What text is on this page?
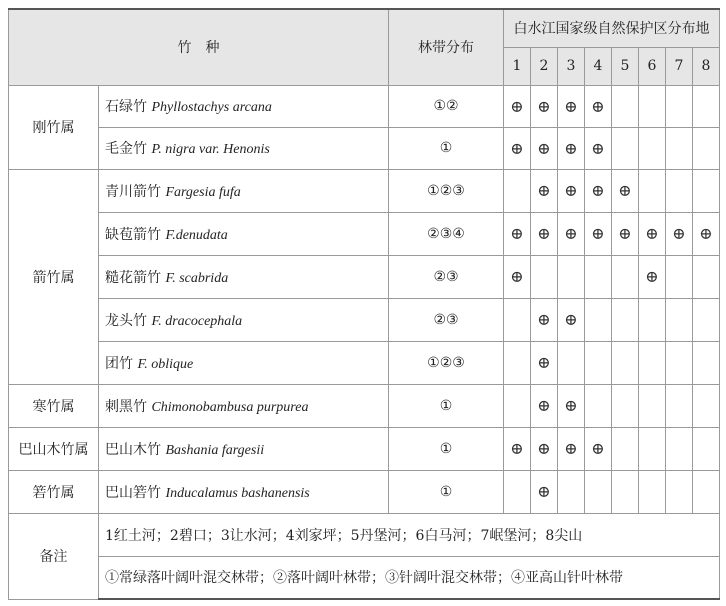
竹　种		林带分布	白水江国家级自然保护区分布地							
			1	2	3	4	5	6	7	8
刚竹属	石绿竹 Phyllostachys arcana	①②	⊕	⊕	⊕	⊕				
	毛金竹 P. nigra var. Henonis	①	⊕	⊕	⊕	⊕				
箭竹属	青川箭竹 Fargesia fufa	①②③		⊕	⊕	⊕	⊕			
	缺苞箭竹 F.denudata	②③④	⊕	⊕	⊕	⊕	⊕	⊕	⊕	⊕
	糙花箭竹 F. scabrida	②③	⊕					⊕		
	龙头竹 F. dracocephala	②③		⊕	⊕					
	团竹 F. oblique	①②③		⊕						
寒竹属	刺黑竹 Chimonobambusa purpurea	①		⊕	⊕					
巴山木竹属	巴山木竹 Bashania fargesii	①	⊕	⊕	⊕	⊕				
箬竹属	巴山箬竹 Inducalamus bashanensis	①		⊕						
备注	1红土河；2碧口；3让水河；4刘家坪；5丹堡河；6白马河；7岷堡河；8尖山									
	①常绿落叶阔叶混交林带；②落叶阔叶林带；③针阔叶混交林带；④亚高山针叶林带									
